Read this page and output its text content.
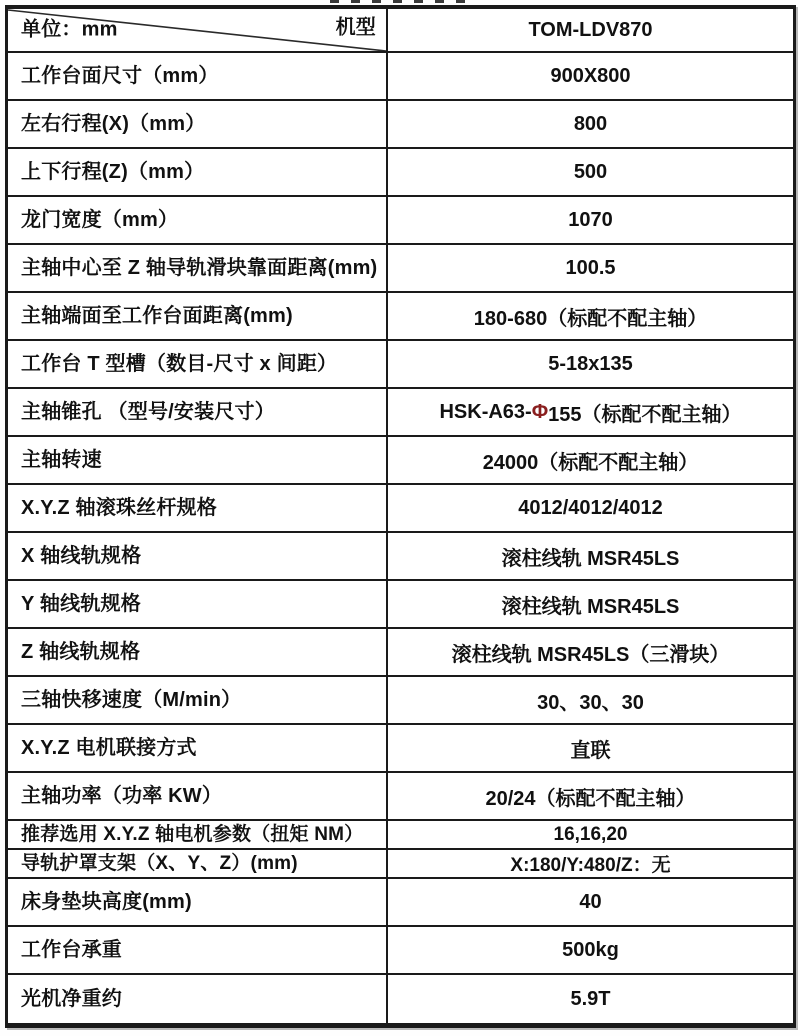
单位：mm	机型	TOM-LDV870
工作台面尺寸（mm）	900X800
左右行程(X)（mm）	800
上下行程(Z)（mm）	500
龙门宽度（mm）	1070
主轴中心至 Z 轴导轨滑块靠面距离(mm)	100.5
主轴端面至工作台面距离(mm)	180-680（标配不配主轴）
工作台 T 型槽（数目-尺寸 x 间距）	5-18x135
主轴锥孔 （型号/安装尺寸）	HSK-A63- Φ 155（标配不配主轴）
主轴转速	24000（标配不配主轴）
X.Y.Z 轴滚珠丝杆规格	4012/4012/4012
X 轴线轨规格	滚柱线轨 MSR45LS
Y 轴线轨规格	滚柱线轨 MSR45LS
Z 轴线轨规格	滚柱线轨 MSR45LS（三滑块）
三轴快移速度（M/min）	30、30、30
X.Y.Z 电机联接方式	直联
主轴功率（功率 KW）	20/24（标配不配主轴）
推荐选用 X.Y.Z 轴电机参数（扭矩 NM）	16,16,20
导轨护罩支架（X、Y、Z）(mm)	X:180/Y:480/Z：无
床身垫块高度(mm)	40
工作台承重	500kg
光机净重约	5.9T
